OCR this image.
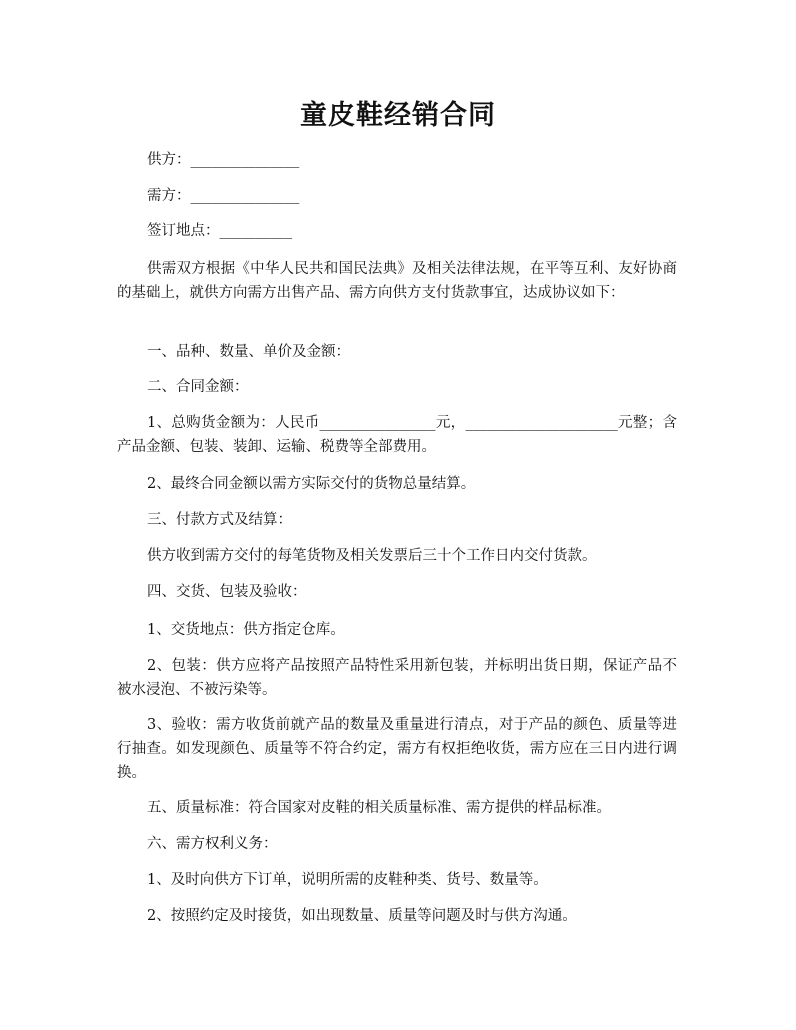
童皮鞋经销合同

供方：_______________

需方：_______________

签订地点：__________

供需双方根据《中华人民共和国民法典》及相关法律法规，在平等互利、友好协商的基础上，就供方向需方出售产品、需方向供方支付货款事宜，达成协议如下：

一、品种、数量、单价及金额：

二、合同金额：

1、总购货金额为：人民币________________元，_____________________元整；含产品金额、包装、装卸、运输、税费等全部费用。

2、最终合同金额以需方实际交付的货物总量结算。

三、付款方式及结算：

供方收到需方交付的每笔货物及相关发票后三十个工作日内交付货款。

四、交货、包装及验收：

1、交货地点：供方指定仓库。

2、包装：供方应将产品按照产品特性采用新包装，并标明出货日期，保证产品不被水浸泡、不被污染等。

3、验收：需方收货前就产品的数量及重量进行清点，对于产品的颜色、质量等进行抽查。如发现颜色、质量等不符合约定，需方有权拒绝收货，需方应在三日内进行调换。

五、质量标准：符合国家对皮鞋的相关质量标准、需方提供的样品标准。

六、需方权利义务：

1、及时向供方下订单，说明所需的皮鞋种类、货号、数量等。

2、按照约定及时接货，如出现数量、质量等问题及时与供方沟通。
